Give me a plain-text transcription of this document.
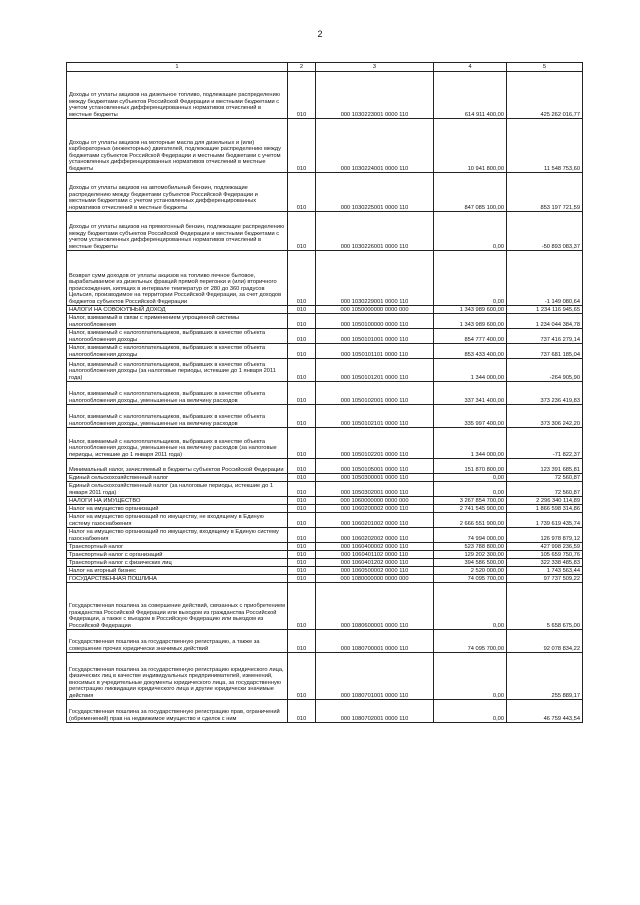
2
1	2	3	4	5
Доходы от уплаты акцизов на дизельное топливо, подлежащие распределению между бюджетами субъектов Российской Федерации и местными бюджетами с учетом установленных дифференцированных нормативов отчислений в местные бюджеты	010	000 1030223001 0000 110	614 911 400,00	425 262 016,77
Доходы от уплаты акцизов на моторные масла для дизельных и (или) карбюраторных (инжекторных) двигателей, подлежащие распределению между бюджетами субъектов Российской Федерации и местными бюджетами с учетом установленных дифференцированных нормативов отчислений в местные бюджеты	010	000 1030224001 0000 110	10 941 800,00	11 548 753,60
Доходы от уплаты акцизов на автомобильный бензин, подлежащие распределению между бюджетами субъектов Российской Федерации и местными бюджетами с учетом установленных дифференцированных нормативов отчислений в местные бюджеты	010	000 1030225001 0000 110	847 085 100,00	853 197 721,59
Доходы от уплаты акцизов на прямогонный бензин, подлежащие распределению между бюджетами субъектов Российской Федерации и местными бюджетами с учетом установленных дифференцированных нормативов отчислений в местные бюджеты	010	000 1030226001 0000 110	0,00	-50 893 083,37
Возврат сумм доходов от уплаты акцизов на топливо печное бытовое, вырабатываемое из дизельных фракций прямой перегонки и (или) вторичного происхождения, кипящих в интервале температур от 280 до 360 градусов Цельсия, производимое на территории Российской Федерации, за счет доходов бюджетов субъектов Российской Федерации	010	000 1030229001 0000 110	0,00	-1 149 080,64
НАЛОГИ НА СОВОКУПНЫЙ ДОХОД	010	000 1050000000 0000 000	1 343 989 600,00	1 234 116 945,65
Налог, взимаемый в связи с применением упрощенной системы налогообложения	010	000 1050100000 0000 110	1 343 989 600,00	1 234 044 384,78
Налог, взимаемый с налогоплательщиков, выбравших в качестве объекта налогообложения доходы	010	000 1050101001 0000 110	854 777 400,00	737 416 279,14
Налог, взимаемый с налогоплательщиков, выбравших в качестве объекта налогообложения доходы	010	000 1050101101 0000 110	853 433 400,00	737 681 185,04
Налог, взимаемый с налогоплательщиков, выбравших в качестве объекта налогообложения доходы (за налоговые периоды, истекшие до 1 января 2011 года)	010	000 1050101201 0000 110	1 344 000,00	-264 905,90
Налог, взимаемый с налогоплательщиков, выбравших в качестве объекта налогообложения доходы, уменьшенные на величину расходов	010	000 1050102001 0000 110	337 341 400,00	373 236 419,83
Налог, взимаемый с налогоплательщиков, выбравших в качестве объекта налогообложения доходы, уменьшенные на величину расходов	010	000 1050102101 0000 110	335 997 400,00	373 306 242,20
Налог, взимаемый с налогоплательщиков, выбравших в качестве объекта налогообложения доходы, уменьшенные на величину расходов (за налоговые периоды, истекшие до 1 января 2011 года)	010	000 1050102201 0000 110	1 344 000,00	-71 822,37
Минимальный налог, зачисляемый в бюджеты субъектов Российской Федерации	010	000 1050105001 0000 110	151 870 800,00	123 391 685,81
Единый сельскохозяйственный налог	010	000 1050300001 0000 110	0,00	72 560,87
Единый сельскохозяйственный налог (за налоговые периоды, истекшие до 1 января 2011 года)	010	000 1050302001 0000 110	0,00	72 560,87
НАЛОГИ НА ИМУЩЕСТВО	010	000 1060000000 0000 000	3 267 854 700,00	2 296 340 114,89
Налог на имущество организаций	010	000 1060200002 0000 110	2 741 545 900,00	1 866 598 314,86
Налог на имущество организаций по имуществу, не входящему в Единую систему газоснабжения	010	000 1060201002 0000 110	2 666 551 900,00	1 739 619 435,74
Налог на имущество организаций по имуществу, входящему в Единую систему газоснабжения	010	000 1060202002 0000 110	74 994 000,00	126 978 879,12
Транспортный налог	010	000 1060400002 0000 110	523 788 800,00	427 998 236,59
Транспортный налог с организаций	010	000 1060401102 0000 110	129 202 300,00	105 659 750,76
Транспортный налог с физических лиц	010	000 1060401202 0000 110	394 586 500,00	322 338 485,83
Налог на игорный бизнес	010	000 1060500002 0000 110	2 520 000,00	1 743 563,44
ГОСУДАРСТВЕННАЯ ПОШЛИНА	010	000 1080000000 0000 000	74 095 700,00	97 737 509,22
Государственная пошлина за совершение действий, связанных с приобретением гражданства Российской Федерации или выходом из гражданства Российской Федерации, а также с въездом в Российскую Федерацию или выездом из Российской Федерации	010	000 1080600001 0000 110	0,00	5 658 675,00
Государственная пошлина за государственную регистрацию, а также за совершение прочих юридически значимых действий	010	000 1080700001 0000 110	74 095 700,00	92 078 834,22
Государственная пошлина за государственную регистрацию юридического лица, физических лиц в качестве индивидуальных предпринимателей, изменений, вносимых в учредительные документы юридического лица, за государственную регистрацию ликвидации юридического лица и другие юридически значимые действия	010	000 1080701001 0000 110	0,00	255 889,17
Государственная пошлина за государственную регистрацию прав, ограничений (обременений) прав на недвижимое имущество и сделок с ним	010	000 1080702001 0000 110	0,00	46 759 443,54
